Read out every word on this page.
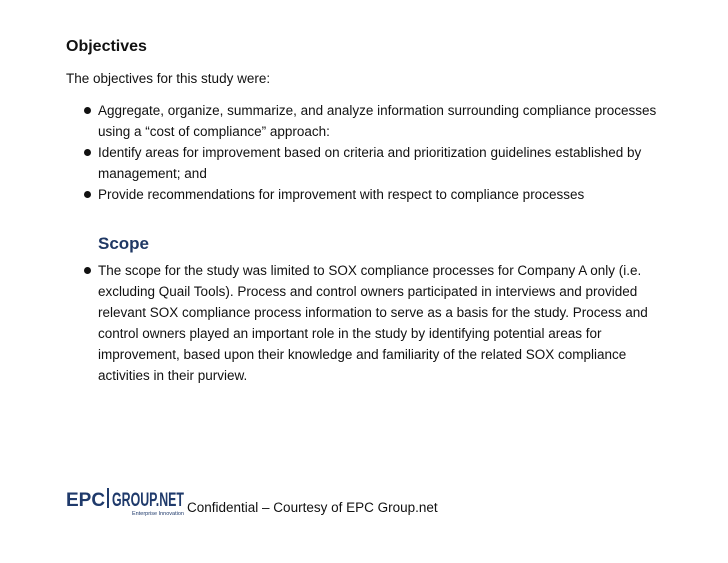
Objectives
The objectives for this study were:
Aggregate, organize, summarize, and analyze information surrounding compliance processes using a “cost of compliance” approach:
Identify areas for improvement based on criteria and prioritization guidelines established by management; and
Provide recommendations for improvement with respect to compliance processes
Scope
The scope for the study was limited to SOX compliance processes for Company A only (i.e. excluding Quail Tools). Process and control owners participated in interviews and provided relevant SOX compliance process information to serve as a basis for the study. Process and control owners played an important role in the study by identifying potential areas for improvement, based upon their knowledge and familiarity of the related SOX compliance activities in their purview.
EPC GROUP.NET
Enterprise Innovation Confidential – Courtesy of EPC Group.net
